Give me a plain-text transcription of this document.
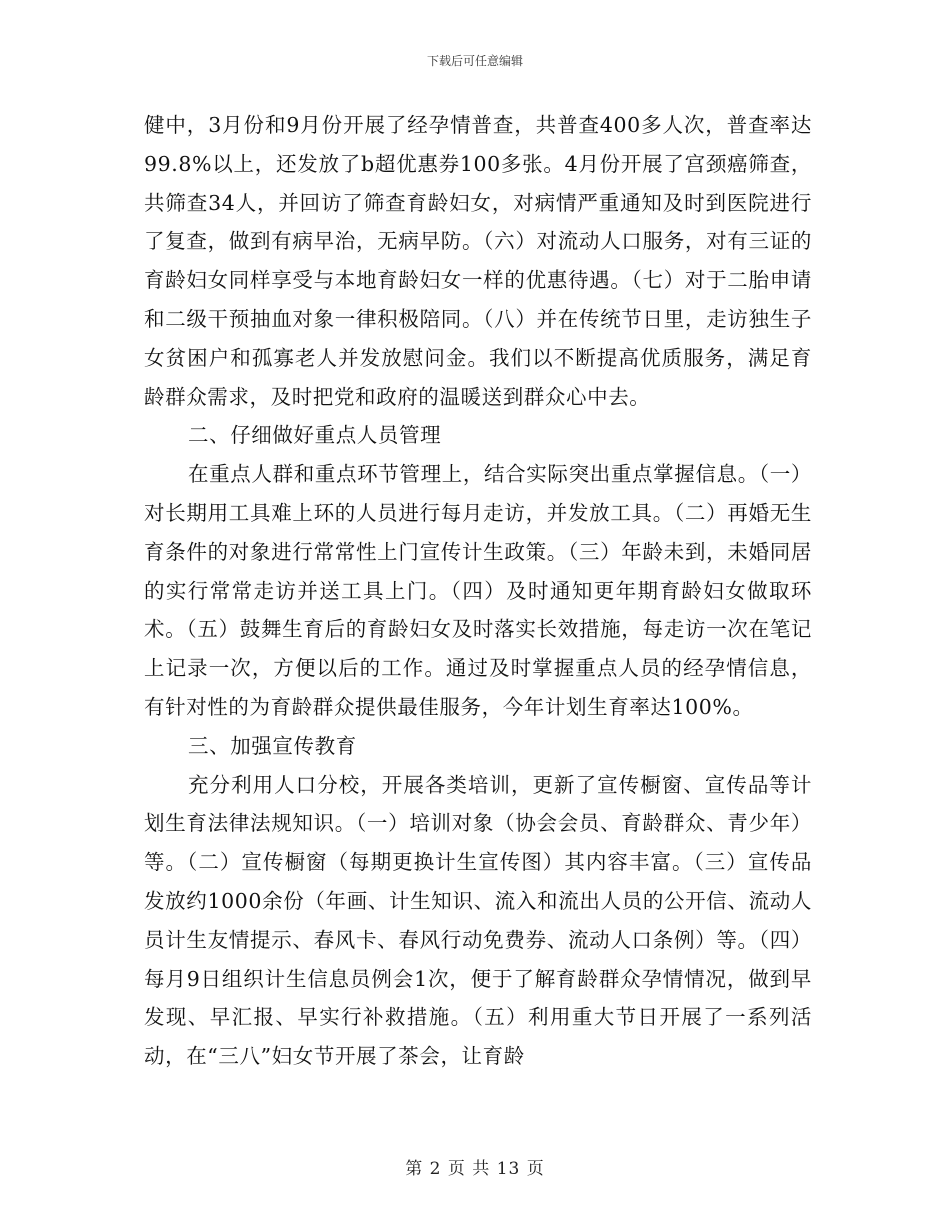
下载后可任意编辑

健中，3月份和9月份开展了经孕情普查，共普查400多人次，普查率达99.8%以上，还发放了b超优惠券100多张。4月份开展了宫颈癌筛查，共筛查34人，并回访了筛查育龄妇女，对病情严重通知及时到医院进行了复查，做到有病早治，无病早防。（六）对流动人口服务，对有三证的育龄妇女同样享受与本地育龄妇女一样的优惠待遇。（七）对于二胎申请和二级干预抽血对象一律积极陪同。（八）并在传统节日里，走访独生子女贫困户和孤寡老人并发放慰问金。我们以不断提高优质服务，满足育龄群众需求，及时把党和政府的温暖送到群众心中去。

二、仔细做好重点人员管理

在重点人群和重点环节管理上，结合实际突出重点掌握信息。（一）对长期用工具难上环的人员进行每月走访，并发放工具。（二）再婚无生育条件的对象进行常常性上门宣传计生政策。（三）年龄未到，未婚同居的实行常常走访并送工具上门。（四）及时通知更年期育龄妇女做取环术。（五）鼓舞生育后的育龄妇女及时落实长效措施，每走访一次在笔记上记录一次，方便以后的工作。通过及时掌握重点人员的经孕情信息，有针对性的为育龄群众提供最佳服务，今年计划生育率达100%。

三、加强宣传教育

充分利用人口分校，开展各类培训，更新了宣传橱窗、宣传品等计划生育法律法规知识。（一）培训对象（协会会员、育龄群众、青少年）等。（二）宣传橱窗（每期更换计生宣传图）其内容丰富。（三）宣传品发放约1000余份（年画、计生知识、流入和流出人员的公开信、流动人员计生友情提示、春风卡、春风行动免费券、流动人口条例）等。（四）每月9日组织计生信息员例会1次，便于了解育龄群众孕情情况，做到早发现、早汇报、早实行补救措施。（五）利用重大节日开展了一系列活动，在“三八”妇女节开展了茶会，让育龄

第 2 页 共 13 页
